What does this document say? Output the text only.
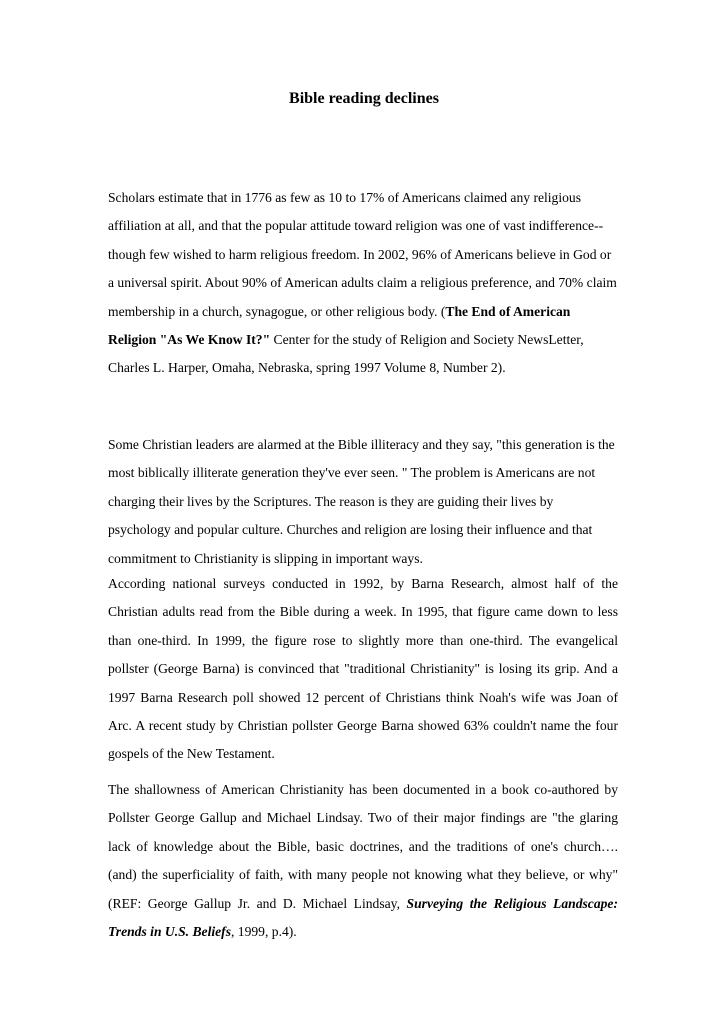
Bible reading declines

Scholars estimate that in 1776 as few as 10 to 17% of Americans claimed any religious affiliation at all, and that the popular attitude toward religion was one of vast indifference--though few wished to harm religious freedom. In 2002, 96% of Americans believe in God or a universal spirit. About 90% of American adults claim a religious preference, and 70% claim membership in a church, synagogue, or other religious body. (The End of American Religion "As We Know It?" Center for the study of Religion and Society NewsLetter, Charles L. Harper, Omaha, Nebraska, spring 1997 Volume 8, Number 2).

Some Christian leaders are alarmed at the Bible illiteracy and they say, "this generation is the most biblically illiterate generation they've ever seen. " The problem is Americans are not charging their lives by the Scriptures. The reason is they are guiding their lives by psychology and popular culture. Churches and religion are losing their influence and that commitment to Christianity is slipping in important ways.

According national surveys conducted in 1992, by Barna Research, almost half of the Christian adults read from the Bible during a week. In 1995, that figure came down to less than one-third. In 1999, the figure rose to slightly more than one-third. The evangelical pollster (George Barna) is convinced that "traditional Christianity" is losing its grip. And a 1997 Barna Research poll showed 12 percent of Christians think Noah's wife was Joan of Arc. A recent study by Christian pollster George Barna showed 63% couldn't name the four gospels of the New Testament.

The shallowness of American Christianity has been documented in a book co-authored by Pollster George Gallup and Michael Lindsay. Two of their major findings are "the glaring lack of knowledge about the Bible, basic doctrines, and the traditions of one's church…. (and) the superficiality of faith, with many people not knowing what they believe, or why" (REF: George Gallup Jr. and D. Michael Lindsay, Surveying the Religious Landscape: Trends in U.S. Beliefs, 1999, p.4).
